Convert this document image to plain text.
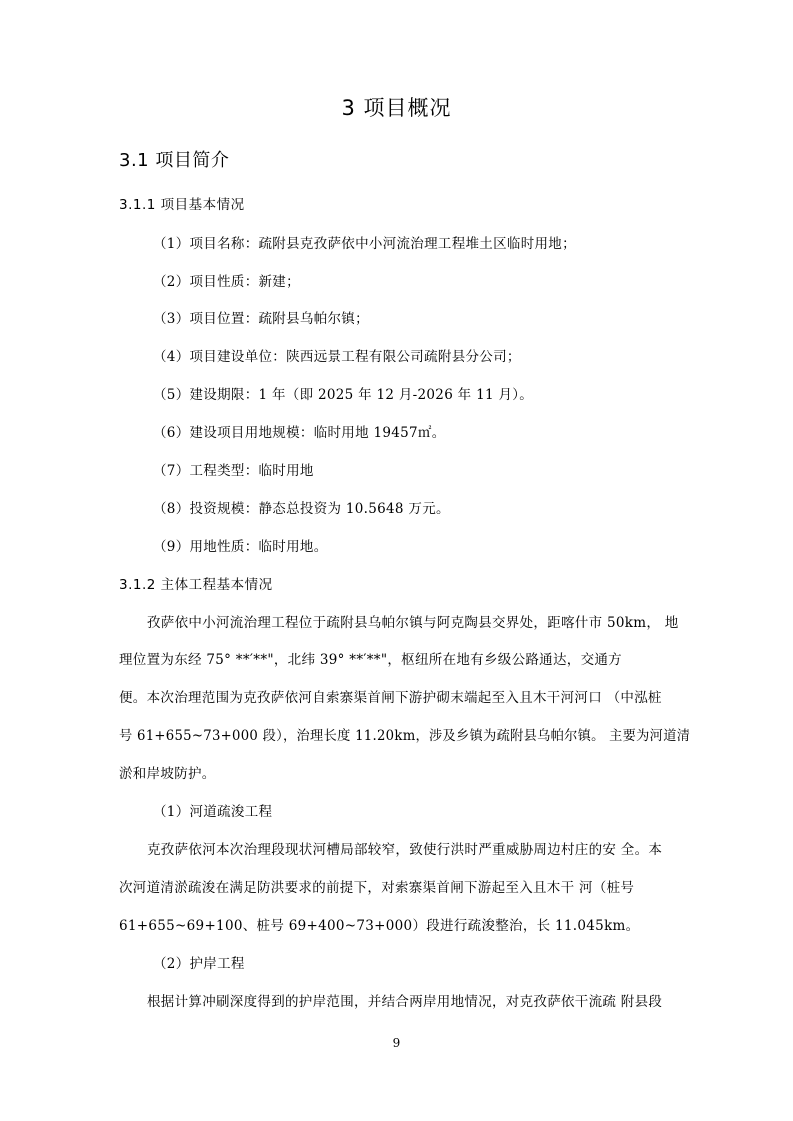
3 项目概况
3.1 项目简介
3.1.1 项目基本情况
（1）项目名称：疏附县克孜萨依中小河流治理工程堆土区临时用地；
（2）项目性质：新建；
（3）项目位置：疏附县乌帕尔镇；
（4）项目建设单位：陕西远景工程有限公司疏附县分公司；
（5）建设期限：1 年（即 2025 年 12 月-2026 年 11 月）。
（6）建设项目用地规模：临时用地 19457㎡。
（7）工程类型：临时用地
（8）投资规模：静态总投资为 10.5648 万元。
（9）用地性质：临时用地。
3.1.2 主体工程基本情况
孜萨依中小河流治理工程位于疏附县乌帕尔镇与阿克陶县交界处，距喀什市 50km， 地
理位置为东经 75° **′**"，北纬 39° **′**"，枢纽所在地有乡级公路通达，交通方
便。本次治理范围为克孜萨依河自索寨渠首闸下游护砌末端起至入且木干河河口 （中泓桩
号 61+655~73+000 段），治理长度 11.20km，涉及乡镇为疏附县乌帕尔镇。 主要为河道清
淤和岸坡防护。
（1）河道疏浚工程
克孜萨依河本次治理段现状河槽局部较窄，致使行洪时严重威胁周边村庄的安 全。本
次河道清淤疏浚在满足防洪要求的前提下，对索寨渠首闸下游起至入且木干 河（桩号
61+655~69+100、桩号 69+400~73+000）段进行疏浚整治，长 11.045km。
（2）护岸工程
根据计算冲刷深度得到的护岸范围，并结合两岸用地情况，对克孜萨依干流疏 附县段
9
